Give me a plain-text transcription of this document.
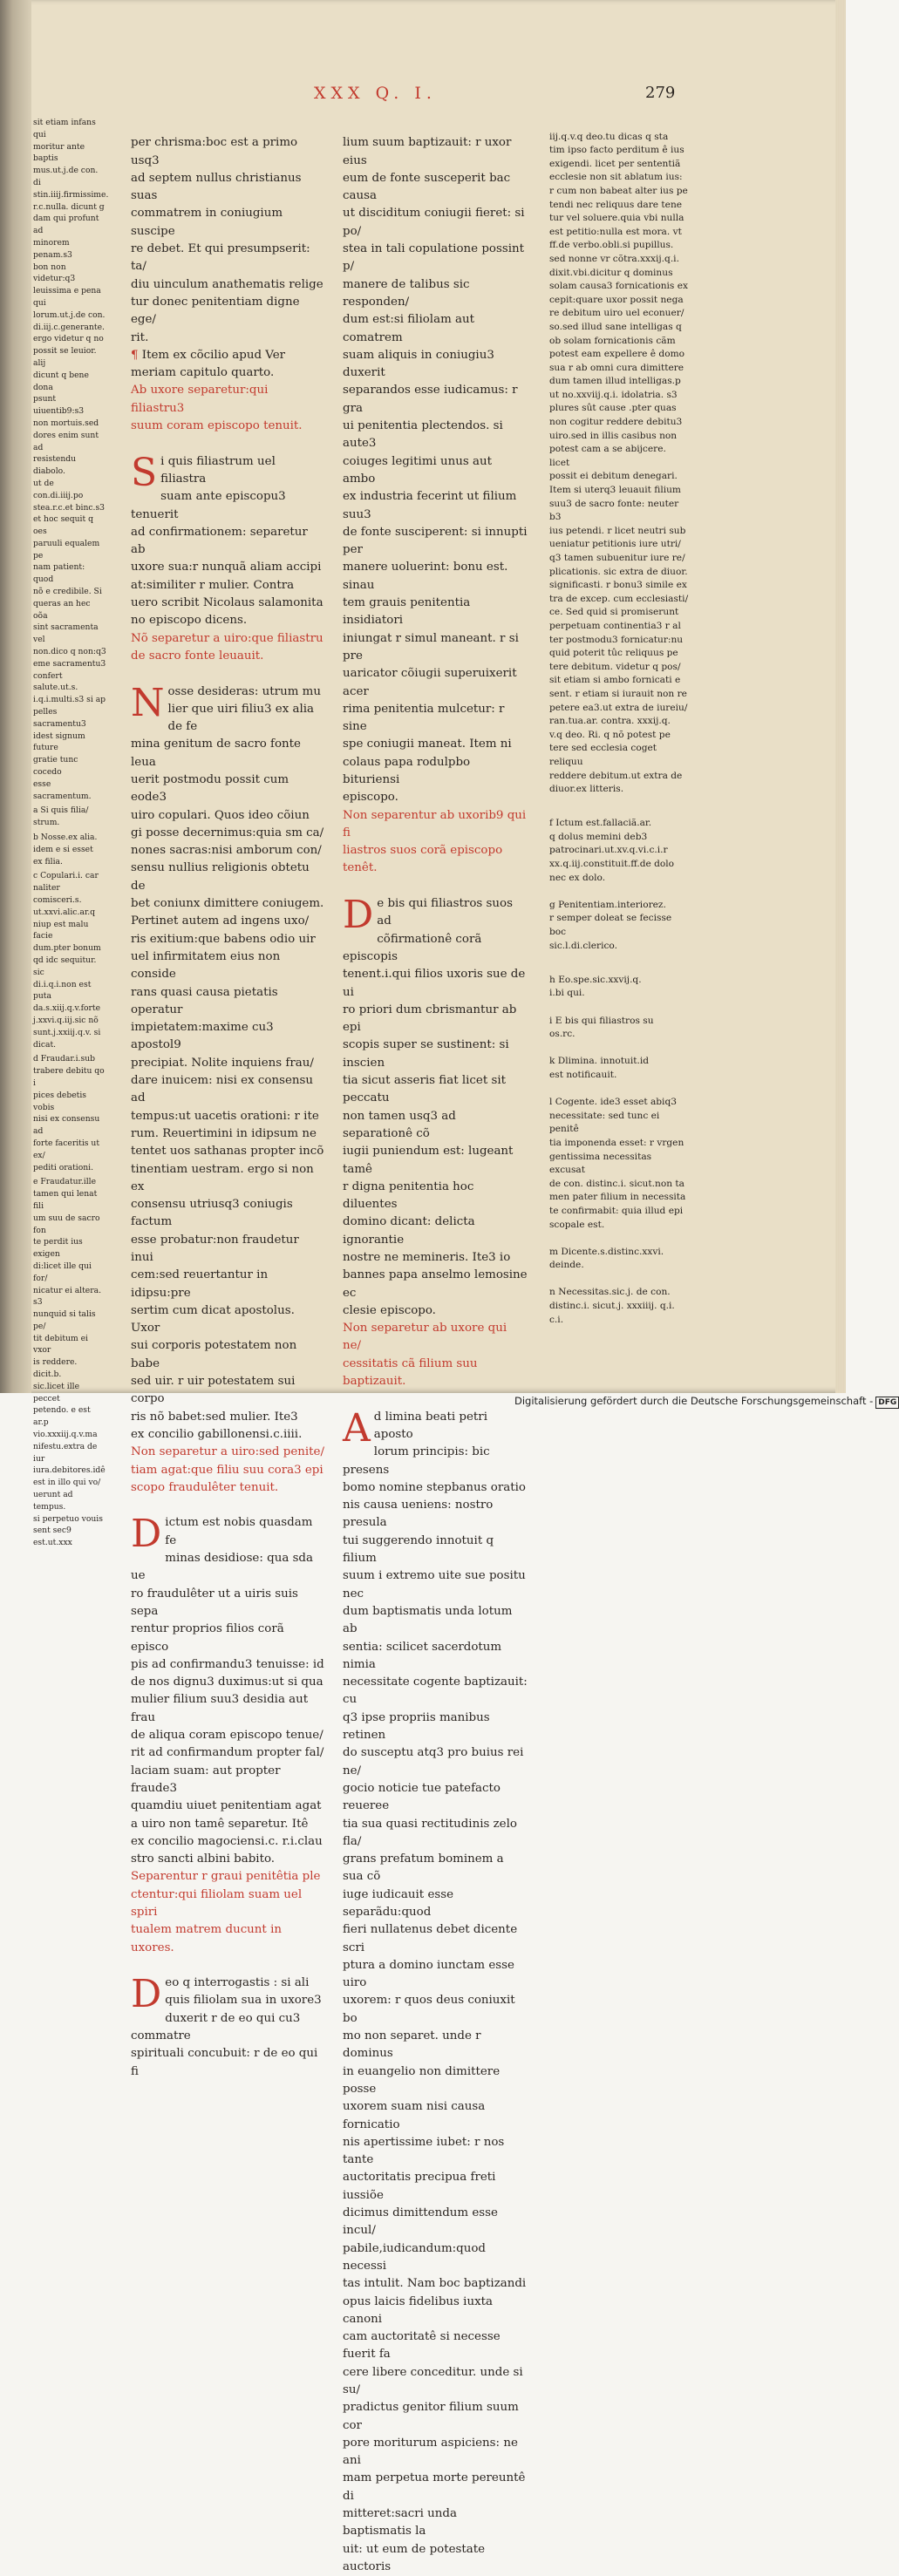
XXX Q. I.	279
sit etiam infans qui
moritur ante baptis
mus.ut.j.de con. di
stin.iiij.firmissime.
r.c.nulla. dicunt g
dam qui profunt ad
minorem penam.s3
bon non videtur:q3
leuissima e pena qui
lorum.ut.j.de con.
di.iij.c.generante.
ergo videtur q no
possit se leuior. alij
dicunt q bene dona
psunt uiuentib9:s3
non mortuis.sed
dores enim sunt ad
resistendu diabolo.
ut de con.di.iiij.po
stea.r.c.et binc.s3
et hoc sequit q oes
paruuli equalem pe
nam patient: quod
nõ e credibile. Si
queras an hec oõa
sint sacramenta vel
non.dico q non:q3
eme sacramentu3
confert salute.ut.s.
i.q.i.multi.s3 si ap
pelles sacramentu3
idest signum future
gratie tunc cocedo
esse sacramentum.
a Si quis filia/
strum.
b Nosse.ex alia.
idem e si esset
ex filia.
c Copulari.i. car
naliter comisceri.s.
ut.xxvi.alic.ar.q
niup est malu facie
dum.pter bonum
qd idc sequitur. sic
di.i.q.i.non est puta
da.s.xiij.q.v.forte
j.xxvi.q.iij.sic nõ
sunt.j.xxiij.q.v. si
dicat.
d Fraudar.i.sub
trabere debitu qo i
pices debetis vobis
nisi ex consensu ad
forte faceritis ut ex/
pediti orationi.
e Fraudatur.ille
tamen qui lenat fili
um suu de sacro fon
te perdit ius exigen
di:licet ille qui for/
nicatur ei altera. s3
nunquid si talis pe/
tit debitum ei vxor
is reddere. dicit.b.
sic.licet ille peccet
petendo. e est ar.p
vio.xxxiij.q.v.ma
nifestu.extra de iur
iura.debitores.idê
est in illo qui vo/
uerunt ad tempus.
si perpetuo vouis
sent sec9 est.ut.xxx

per chrisma:boc est a primo usq3
ad septem nullus christianus suas
commatrem in coniugium suscipe
re debet. Et qui presumpserit: ta/
diu uinculum anathematis relige
tur donec penitentiam digne ege/
rit.
¶ Item ex cõcilio apud Ver
meriam capitulo quarto.

Ab uxore separetur:qui filiastru3
suum coram episcopo tenuit.

S i quis filiastrum uel filiastra
suam ante episcopu3 tenuerit
ad confirmationem: separetur ab
uxore sua:r nunquã aliam accipi
at:similiter r mulier. Contra
uero scribit Nicolaus salamonita
no episcopo dicens.

Nõ separetur a uiro:que filiastru
de sacro fonte leuauit.

N osse desideras: utrum mu
lier que uiri filiu3 ex alia de fe
mina genitum de sacro fonte leua
uerit postmodu possit cum eode3
uiro copulari. Quos ideo cõiun
gi posse decernimus:quia sm ca/
nones sacras:nisi amborum con/
sensu nullius religionis obtetu de
bet coniunx dimittere coniugem.
Pertinet autem ad ingens uxo/
ris exitium:que babens odio uir
uel infirmitatem eius non conside
rans quasi causa pietatis operatur
impietatem:maxime cu3 apostol9
precipiat. Nolite inquiens frau/
dare inuicem: nisi ex consensu ad
tempus:ut uacetis orationi: r ite
rum. Reuertimini in idipsum ne
tentet uos sathanas propter incõ
tinentiam uestram. ergo si non ex
consensu utriusq3 coniugis factum
esse probatur:non fraudetur inui
cem:sed reuertantur in idipsu:pre
sertim cum dicat apostolus. Uxor
sui corporis potestatem non babe
sed uir. r uir potestatem sui corpo
ris nõ babet:sed mulier. Ite3
ex concilio gabillonensi.c.iiii.

Non separetur a uiro:sed penite/
tiam agat:que filiu suu cora3 epi
scopo fraudulêter tenuit.

D ictum est nobis quasdam fe
minas desidiose: qua sda ue
ro fraudulêter ut a uiris suis sepa
rentur proprios filios corã episco
pis ad confirmandu3 tenuisse: id
de nos dignu3 duximus:ut si qua
mulier filium suu3 desidia aut frau
de aliqua coram episcopo tenue/
rit ad confirmandum propter fal/
laciam suam: aut propter fraude3
quamdiu uiuet penitentiam agat
a uiro non tamê separetur. Itê
ex concilio magociensi.c. r.i.clau
stro sancti albini babito.

Separentur r graui penitêtia ple
ctentur:qui filiolam suam uel spiri
tualem matrem ducunt in uxores.

D eo q interrogastis : si ali
quis filiolam sua in uxore3
duxerit r de eo qui cu3 commatre
spirituali concubuit: r de eo qui fi

lium suum baptizauit: r uxor eius
eum de fonte susceperit bac causa
ut disciditum coniugii fieret: si po/
stea in tali copulatione possint p/
manere de talibus sic responden/
dum est:si filiolam aut comatrem
suam aliquis in coniugiu3 duxerit
separandos esse iudicamus: r gra
ui penitentia plectendos. si aute3
coiuges legitimi unus aut ambo
ex industria fecerint ut filium suu3
de fonte susciperent: si innupti per
manere uoluerint: bonu est. sinau
tem grauis penitentia insidiatori
iniungat r simul maneant. r si pre
uaricator cõiugii superuixerit acer
rima penitentia mulcetur: r sine
spe coniugii maneat. Item ni
colaus papa rodulpbo bituriensi
episcopo.

Non separentur ab uxorib9 qui fi
liastros suos corã episcopo tenêt.

D e bis qui filiastros suos ad
cõfirmationê corã episcopis
tenent.i.qui filios uxoris sue de ui
ro priori dum cbrismantur ab epi
scopis super se sustinent: si inscien
tia sicut asseris fiat licet sit peccatu
non tamen usq3 ad separationê cõ
iugii puniendum est: lugeant tamê
r digna penitentia hoc diluentes
domino dicant: delicta ignorantie
nostre ne memineris. Ite3 io
bannes papa anselmo lemosine ec
clesie episcopo.

Non separetur ab uxore qui ne/
cessitatis cã filium suu baptizauit.

A d limina beati petri aposto
lorum principis: bic presens
bomo nomine stepbanus oratio
nis causa ueniens: nostro presula
tui suggerendo innotuit q filium
suum i extremo uite sue positu nec
dum baptismatis unda lotum ab
sentia: scilicet sacerdotum nimia
necessitate cogente baptizauit: cu
q3 ipse propriis manibus retinen
do susceptu atq3 pro buius rei ne/
gocio noticie tue patefacto reueree
tia sua quasi rectitudinis zelo fla/
grans prefatum bominem a sua cõ
iuge iudicauit esse separãdu:quod
fieri nullatenus debet dicente scri
ptura a domino iunctam esse uiro
uxorem: r quos deus coniuxit bo
mo non separet. unde r dominus
in euangelio non dimittere posse
uxorem suam nisi causa fornicatio
nis apertissime iubet: r nos tante
auctoritatis precipua freti iussiõe
dicimus dimittendum esse incul/
pabile,iudicandum:quod necessi
tas intulit. Nam boc baptizandi
opus laicis fidelibus iuxta canoni
cam auctoritatê si necesse fuerit fa
cere libere conceditur. unde si su/
pradictus genitor filium suum cor
pore moriturum aspiciens: ne ani
mam perpetua morte pereuntê di
mitteret:sacri unda baptismatis la
uit: ut eum de potestate auctoris

iij.q.v.q deo.tu dicas q sta
tim ipso facto perditum ê ius
exigendi. licet per sententiã
ecclesie non sit ablatum ius:
r cum non babeat alter ius pe
tendi nec reliquus dare tene
tur vel soluere.quia vbi nulla
est petitio:nulla est mora. vt
ff.de verbo.obli.si pupillus.
sed nonne vr cõtra.xxxij.q.i.
dixit.vbi.dicitur q dominus
solam causa3 fornicationis ex
cepit:quare uxor possit nega
re debitum uiro uel econuer/
so.sed illud sane intelligas q
ob solam fornicationis cãm
potest eam expellere ê domo
sua r ab omni cura dimittere
dum tamen illud intelligas.p
ut no.xxviij.q.i. idolatria. s3
plures sût cause .pter quas
non cogitur reddere debitu3
uiro.sed in illis casibus non
potest cam a se abijcere. licet
possit ei debitum denegari.
Item si uterq3 leuauit filium
suu3 de sacro fonte: neuter b3
ius petendi. r licet neutri sub
ueniatur petitionis iure utri/
q3 tamen subuenitur iure re/
plicationis. sic extra de diuor.
significasti. r bonu3 simile ex
tra de excep. cum ecclesiasti/
ce. Sed quid si promiserunt
perpetuam continentia3 r al
ter postmodu3 fornicatur:nu
quid poterit tûc reliquus pe
tere debitum. videtur q pos/
sit etiam si ambo fornicati e
sent. r etiam si iurauit non re
petere ea3.ut extra de iureiu/
ran.tua.ar. contra. xxxij.q.
v.q deo. Ri. q nõ potest pe
tere sed ecclesia coget reliquu
reddere debitum.ut extra de
diuor.ex litteris.

f Ictum est.fallaciã.ar.
q dolus memini deb3
patrocinari.ut.xv.q.vi.c.i.r
xx.q.iij.constituit.ff.de dolo
nec ex dolo.

g Penitentiam.interiorez.
r semper doleat se fecisse boc
sic.l.di.clerico.

h Eo.spe.sic.xxvij.q.
i.bi qui.

i E bis qui filiastros su
os.rc.

k Dlimina. innotuit.id
est notificauit.

l Cogente. ide3 esset abiq3
necessitate: sed tunc ei penitê
tia imponenda esset: r vrgen
gentissima necessitas excusat
de con. distinc.i. sicut.non ta
men pater filium in necessita
te confirmabit: quia illud epi
scopale est.

m Dicente.s.distinc.xxvi.
deinde.

n Necessitas.sic.j. de con.
distinc.i. sicut.j. xxxiiij. q.i.
c.i.

Digitalisierung gefördert durch die Deutsche Forschungsgemeinschaft - DFG
